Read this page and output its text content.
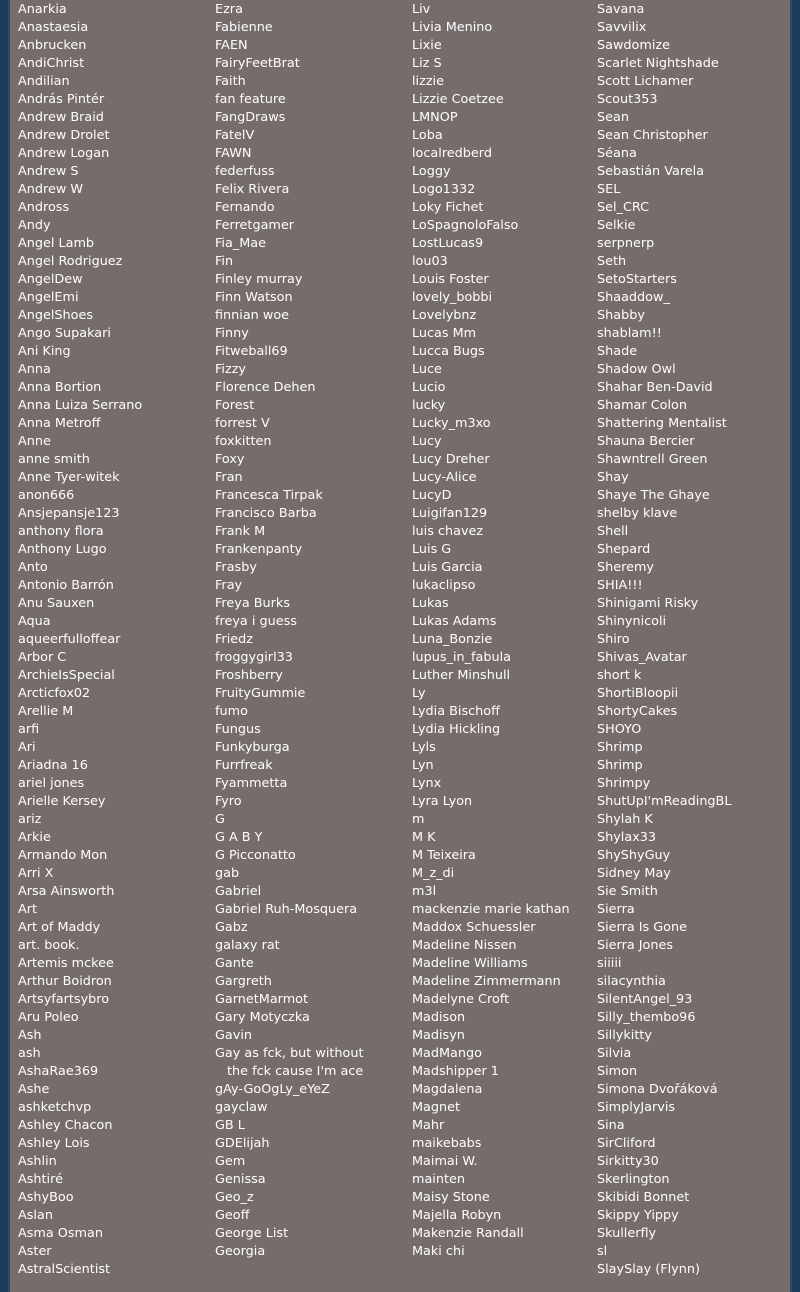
Anarkia
Anastaesia
Anbrucken
AndiChrist
Andilian
András Pintér
Andrew Braid
Andrew Drolet
Andrew Logan
Andrew S
Andrew W
Andross
Andy
Angel Lamb
Angel Rodriguez
AngelDew
AngelEmi
AngelShoes
Ango Supakari
Ani King
Anna
Anna Bortion
Anna Luiza Serrano
Anna Metroff
Anne
anne smith
Anne Tyer-witek
anon666
Ansjepansje123
anthony flora
Anthony Lugo
Anto
Antonio Barrón
Anu Sauxen
Aqua
aqueerfulloffear
Arbor C
ArchieIsSpecial
Arcticfox02
Arellie M
arfi
Ari
Ariadna 16
ariel jones
Arielle Kersey
ariz
Arkie
Armando Mon
Arri X
Arsa Ainsworth
Art
Art of Maddy
art. book.
Artemis mckee
Arthur Boidron
Artsyfartsybro
Aru Poleo
Ash
ash
AshaRae369
Ashe
ashketchvp
Ashley Chacon
Ashley Lois
Ashlin
Ashtiré
AshyBoo
Aslan
Asma Osman
Aster
AstralScientist
Ezra
Fabienne
FAEN
FairyFeetBrat
Faith
fan feature
FangDraws
FatelV
FAWN
federfuss
Felix Rivera
Fernando
Ferretgamer
Fia_Mae
Fin
Finley murray
Finn Watson
finnian woe
Finny
Fitweball69
Fizzy
Florence Dehen
Forest
forrest V
foxkitten
Foxy
Fran
Francesca Tirpak
Francisco Barba
Frank M
Frankenpanty
Frasby
Fray
Freya Burks
freya i guess
Friedz
froggygirl33
Froshberry
FruityGummie
fumo
Fungus
Funkyburga
Furrfreak
Fyammetta
Fyro
G
G A B Y
G Picconatto
gab
Gabriel
Gabriel Ruh-Mosquera
Gabz
galaxy rat
Gante
Gargreth
GarnetMarmot
Gary Motyczka
Gavin
Gay as fck, but without
the fck cause I'm ace
gAy-GoOgLy_eYeZ
gayclaw
GB L
GDElijah
Gem
Genissa
Geo_z
Geoff
George List
Georgia
Liv
Livia Menino
Lixie
Liz S
lizzie
Lizzie Coetzee
LMNOP
Loba
localredberd
Loggy
Logo1332
Loky Fichet
LoSpagnoloFalso
LostLucas9
lou03
Louis Foster
lovely_bobbi
Lovelybnz
Lucas Mm
Lucca Bugs
Luce
Lucio
lucky
Lucky_m3xo
Lucy
Lucy Dreher
Lucy-Alice
LucyD
Luigifan129
luis chavez
Luis G
Luis Garcia
lukaclipso
Lukas
Lukas Adams
Luna_Bonzie
lupus_in_fabula
Luther Minshull
Ly
Lydia Bischoff
Lydia Hickling
Lyls
Lyn
Lynx
Lyra Lyon
m
M K
M Teixeira
M_z_di
m3l
mackenzie marie kathan
Maddox Schuessler
Madeline Nissen
Madeline Williams
Madeline Zimmermann
Madelyne Croft
Madison
Madisyn
MadMango
Madshipper 1
Magdalena
Magnet
Mahr
maikebabs
Maimai W.
mainten
Maisy Stone
Majella Robyn
Makenzie Randall
Maki chi
Savana
Savvilix
Sawdomize
Scarlet Nightshade
Scott Lichamer
Scout353
Sean
Sean Christopher
Séana
Sebastián Varela
SEL
Sel_CRC
Selkie
serpnerp
Seth
SetoStarters
Shaaddow_
Shabby
shablam!!
Shade
Shadow Owl
Shahar Ben-David
Shamar Colon
Shattering Mentalist
Shauna Bercier
Shawntrell Green
Shay
Shaye The Ghaye
shelby klave
Shell
Shepard
Sheremy
SHIA!!!
Shinigami Risky
Shinynicoli
Shiro
Shivas_Avatar
short k
ShortiBloopii
ShortyCakes
SHOYO
Shrimp
Shrimp
Shrimpy
ShutUpI'mReadingBL
Shylah K
Shylax33
ShyShyGuy
Sidney May
Sie Smith
Sierra
Sierra Is Gone
Sierra Jones
siiiii
silacynthia
SilentAngel_93
Silly_thembo96
Sillykitty
Silvia
Simon
Simona Dvořáková
SimplyJarvis
Sina
SirCliford
Sirkitty30
Skerlington
Skibidi Bonnet
Skippy Yippy
Skullerfly
sl
SlaySlay (Flynn)
